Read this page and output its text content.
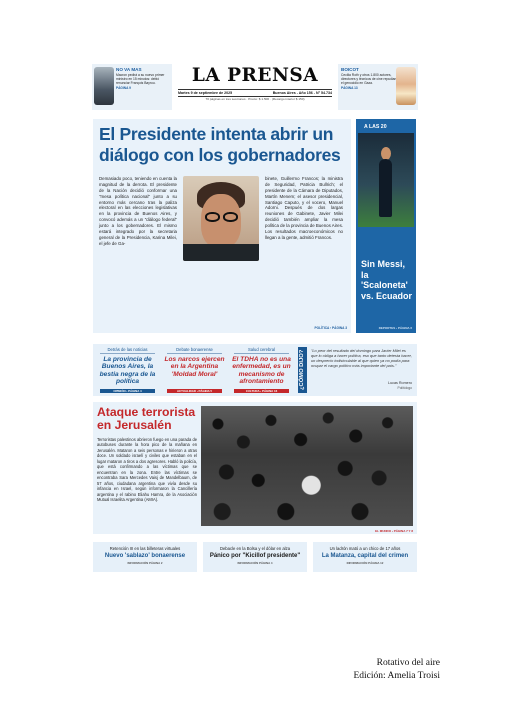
NO VA MAS
Macron pedirá a su nuevo primer ministro en 15 minutos: debió renunciar François Bayrou.
PÁGINA 9
LA PRENSA
Martes 9 de septiembre de 2025	Buenos Aires - Año 156 - N° 54.734
70 páginas en tres secciones · Precio: $ 1.500 · (Recargo interior $ 150)
BOICOT
Cecilia Roth y otros 1.800 actores, directores y técnicos de cine repudian el genocidio en Gaza.
PÁGINA 13
El Presidente intenta abrir un diálogo con los gobernadores
Demasiado poco, teniendo en cuenta la magnitud de la derrota. El presidente de la Nación decidió conformar una "mesa política nacional" junto a su entorno más cercano tras la paliza electoral en las elecciones legislativas en la provincia de Buenos Aires, y convocó además a un "diálogo federal" junto a los gobernadores. El mismo estará integrado por la secretaria general de la Presidencia, Karina Milei, el jefe de Ga-
binete, Guillermo Francos; la ministra de Seguridad, Patricia Bullrich; el presidente de la Cámara de Diputados, Martín Menem; el asesor presidencial, Santiago Caputo, y el vocero, Manuel Adorni. Después de dos largas reuniones de Gabinete, Javier Milei decidió también ampliar la mesa política de la provincia de Buenos Aires. Los resultados macroeconómicos no llegan a la gente, admitió Francos.
POLÍTICA › PÁGINA 3
A LAS 20
Sin Messi, la 'Scaloneta' vs. Ecuador
DEPORTES › PÁGINA 6
Detrás de las noticias
La provincia de Buenos Aires, la bestia negra de la política
OPINIÓN › PÁGINA 4
Debate bonaerense
Los narcos ejercen en la Argentina 'Moldad Moral'
ACTUALIDAD › PÁGINA 5
Salud cerebral
El TDHA no es una enfermedad, es un mecanismo de afrontamiento
CULTURA › PÁGINA 16
¿CÓMO DIJO?	"Lo peor del resultado del domingo para Javier Milei es que lo obliga a hacer política, eso que tanto detesta hacer, un desprecio indisimulable al que quien ya no podía para ocupar el cargo político más importante del país."
Lucas Romero
Politólogo
Ataque terrorista en Jerusalén
Terroristas palestinos abrieron fuego en una parada de autobuses durante la hora pico de la mañana en Jerusalén. Mataron a seis personas e hirieron a otras doce. Un soldado israelí y civiles que estaban en el lugar mataron a tiros a dos agresores. Habló la policía, que está confirmando a las víctimas que se encuentran en la zona. Entre las víctimas se encontraba Sara Mercedes Vaisj de Mandelbaum, de 57 años, ciudadana argentina que vivía desde su infancia en Israel, según informaron la Cancillería argentina y el rabino Eliahu Hamra, de la Asociación Mutual Israelita Argentina (AMIA).
EL MUNDO › PÁGINA 7 Y 8
Retención III en las billeteras virtuales
Nuevo 'sablazo' bonaerense
INFORMACIÓN PÁGINA 2
Debacle en la Bolsa y el dólar en alza
Pánico por "Kicillof presidente"
INFORMACIÓN PÁGINA 4
Un ladrón mató a un chico de 17 años
La Matanza, capital del crimen
INFORMACIÓN PÁGINA 12
Rotativo del aire
Edición: Amelia Troisi
